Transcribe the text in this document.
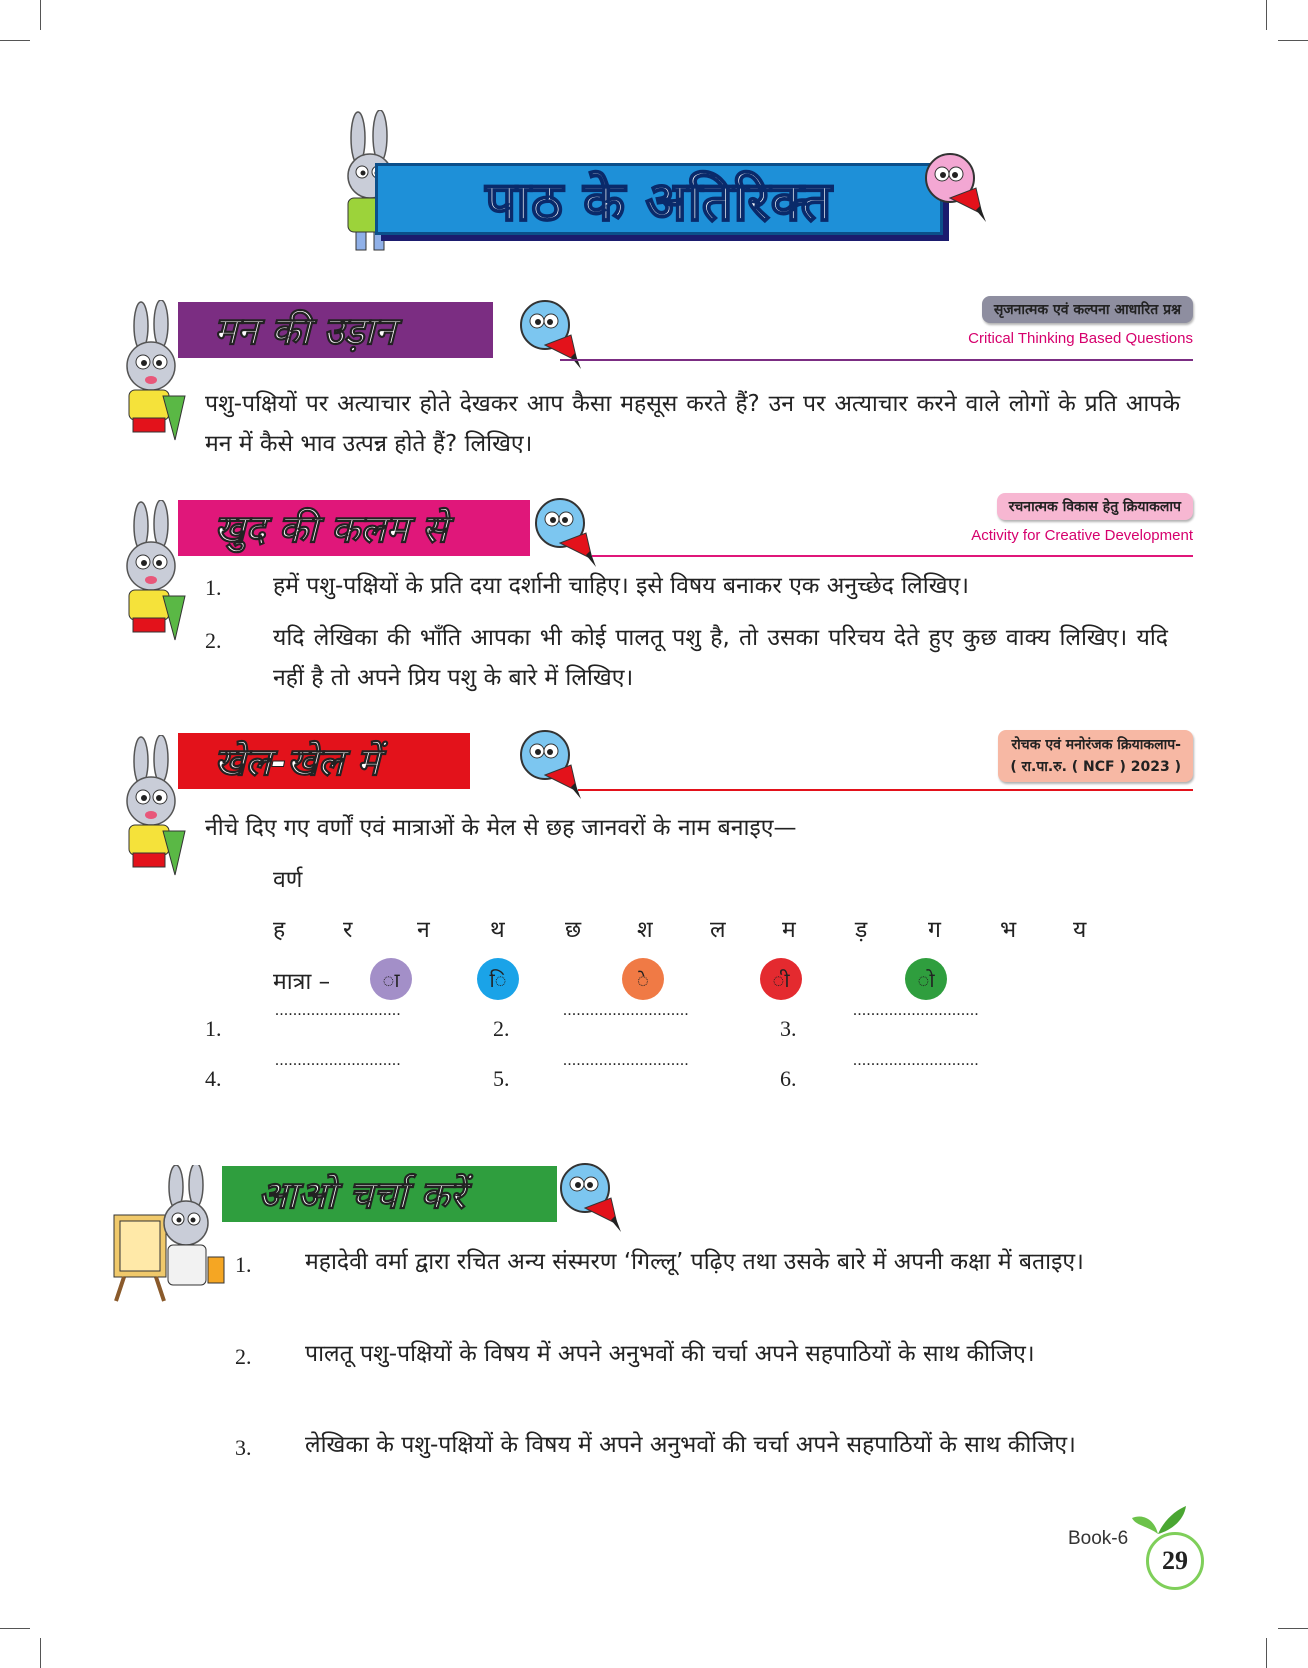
पाठ के अतिरिक्त
मन की उड़ान	सृजनात्मक एवं कल्पना आधारित प्रश्न
Critical Thinking Based Questions
पशु-पक्षियों पर अत्याचार होते देखकर आप कैसा महसूस करते हैं? उन पर अत्याचार करने वाले लोगों के प्रति आपके मन में कैसे भाव उत्पन्न होते हैं? लिखिए।
खुद की कलम से	रचनात्मक विकास हेतु क्रियाकलाप
Activity for Creative Development
1. हमें पशु-पक्षियों के प्रति दया दर्शानी चाहिए। इसे विषय बनाकर एक अनुच्छेद लिखिए।
2. यदि लेखिका की भाँति आपका भी कोई पालतू पशु है, तो उसका परिचय देते हुए कुछ वाक्य लिखिए। यदि नहीं है तो अपने प्रिय पशु के बारे में लिखिए।
खेल-खेल में	रोचक एवं मनोरंजक क्रियाकलाप-
( रा.पा.रु. ( NCF ) 2023 )
नीचे दिए गए वर्णों एवं मात्राओं के मेल से छह जानवरों के नाम बनाइए—
वर्ण
ह	र	न	थ	छ श ल म	ड़	ग	भ य
मात्रा –	ा	ि	े	ी	ो
1.
............................
2.
............................
3.
............................
4.
............................
5.
............................
6.
............................
आओ चर्चा करें
1. महादेवी वर्मा द्वारा रचित अन्य संस्मरण ‘गिल्लू’ पढ़िए तथा उसके बारे में अपनी कक्षा में बताइए।
2. पालतू पशु-पक्षियों के विषय में अपने अनुभवों की चर्चा अपने सहपाठियों के साथ कीजिए।
3. लेखिका के पशु-पक्षियों के विषय में अपने अनुभवों की चर्चा अपने सहपाठियों के साथ कीजिए।
Book-6
29
